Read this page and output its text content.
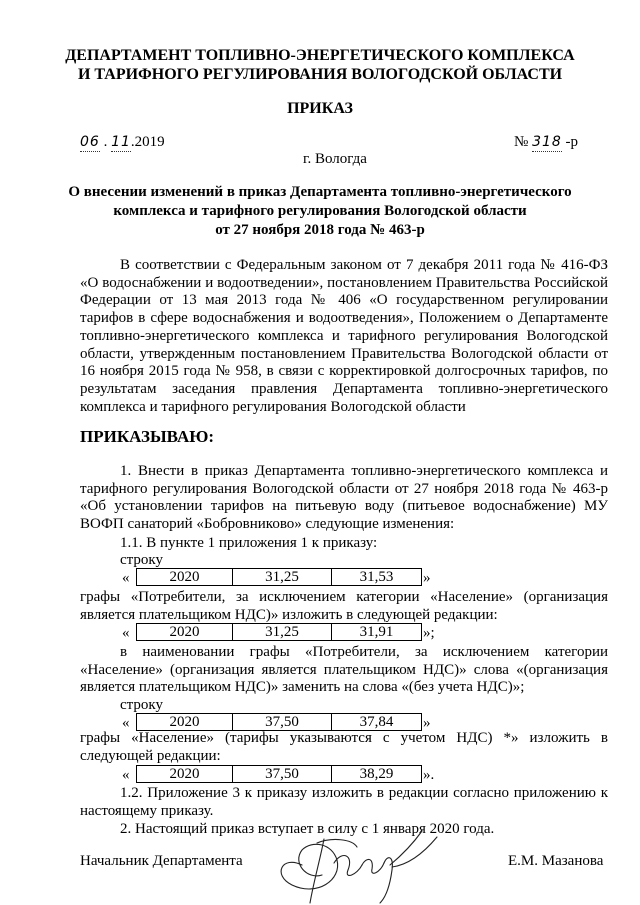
ДЕПАРТАМЕНТ ТОПЛИВНО-ЭНЕРГЕТИЧЕСКОГО КОМПЛЕКСА
И ТАРИФНОГО РЕГУЛИРОВАНИЯ ВОЛОГОДСКОЙ ОБЛАСТИ
ПРИКАЗ
06 . 11.2019	№ 318 -р
г. Вологда
О внесении изменений в приказ Департамента топливно-энергетического
комплекса и тарифного регулирования Вологодской области
от 27 ноября 2018 года № 463-р
В соответствии с Федеральным законом от 7 декабря 2011 года № 416-ФЗ «О водоснабжении и водоотведении», постановлением Правительства Российской Федерации от 13 мая 2013 года № 406 «О государственном регулировании тарифов в сфере водоснабжения и водоотведения», Положением о Департаменте топливно-энергетического комплекса и тарифного регулирования Вологодской области, утвержденным постановлением Правительства Вологодской области от 16 ноября 2015 года № 958, в связи с корректировкой долгосрочных тарифов, по результатам заседания правления Департамента топливно-энергетического комплекса и тарифного регулирования Вологодской области
ПРИКАЗЫВАЮ:
1. Внести в приказ Департамента топливно-энергетического комплекса и тарифного регулирования Вологодской области от 27 ноября 2018 года № 463-р «Об установлении тарифов на питьевую воду (питьевое водоснабжение) МУ ВОФП санаторий «Бобровниково» следующие изменения:
1.1. В пункте 1 приложения 1 к приказу:
строку
«	2020	31,25	31,53 »
графы «Потребители, за исключением категории «Население» (организация является плательщиком НДС)» изложить в следующей редакции:
«	2020	31,25	31,91 »;
в наименовании графы «Потребители, за исключением категории «Население» (организация является плательщиком НДС)» слова «(организация является плательщиком НДС)» заменить на слова «(без учета НДС)»;
строку
«	2020	37,50	37,84 »
графы «Население» (тарифы указываются с учетом НДС) *» изложить в следующей редакции:
«	2020	37,50	38,29 ».
1.2. Приложение 3 к приказу изложить в редакции согласно приложению к настоящему приказу.
2. Настоящий приказ вступает в силу с 1 января 2020 года.
Начальник Департамента	Е.М. Мазанова
